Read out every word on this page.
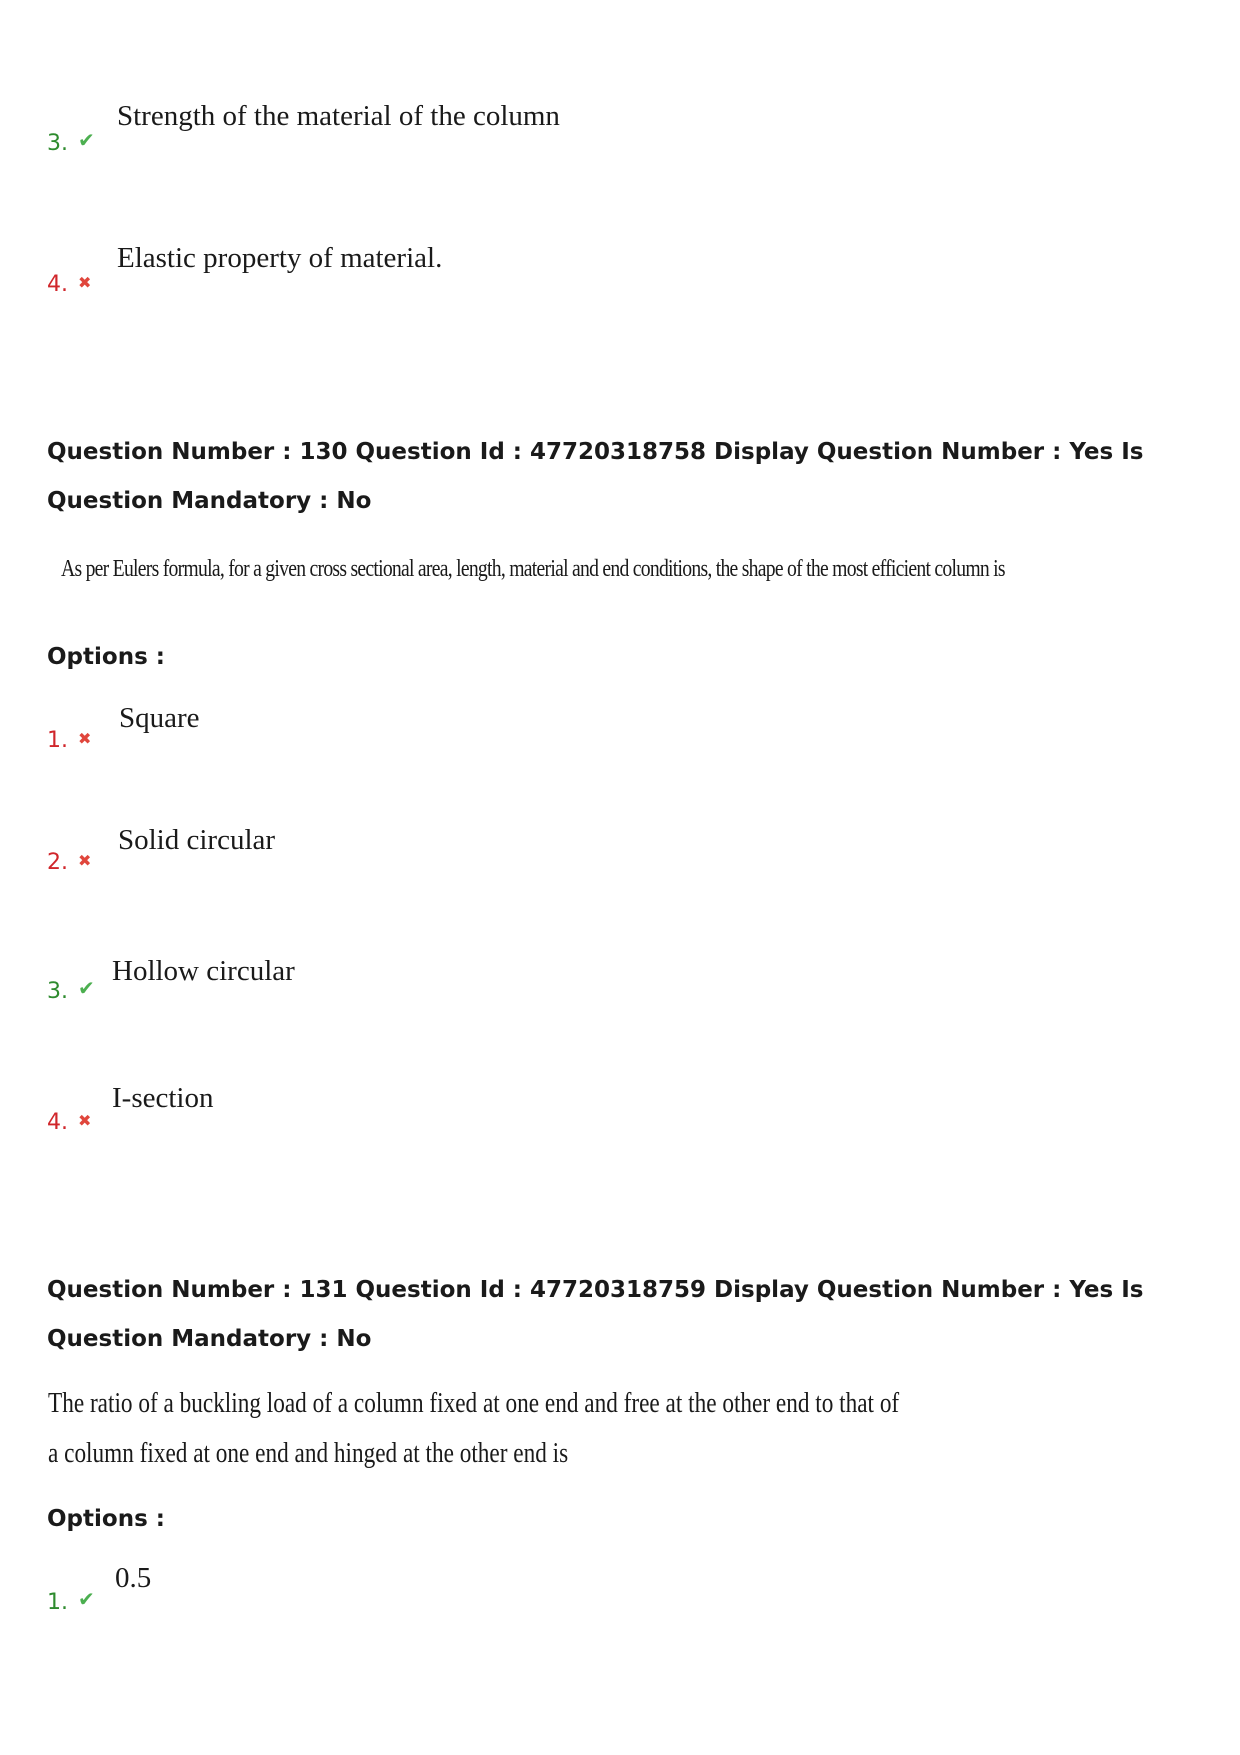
Strength of the material of the column
3. ✔
Elastic property of material.
4. ✖
Question Number : 130 Question Id : 47720318758 Display Question Number : Yes Is Question Mandatory : No
As per Eulers formula, for a given cross sectional area, length, material and end conditions, the shape of the most efficient column is
Options :
Square
1. ✖
Solid circular
2. ✖
Hollow circular
3. ✔
I-section
4. ✖
Question Number : 131 Question Id : 47720318759 Display Question Number : Yes Is Question Mandatory : No
The ratio of a buckling load of a column fixed at one end and free at the other end to that of
a column fixed at one end and hinged at the other end is
Options :
0.5
1. ✔
